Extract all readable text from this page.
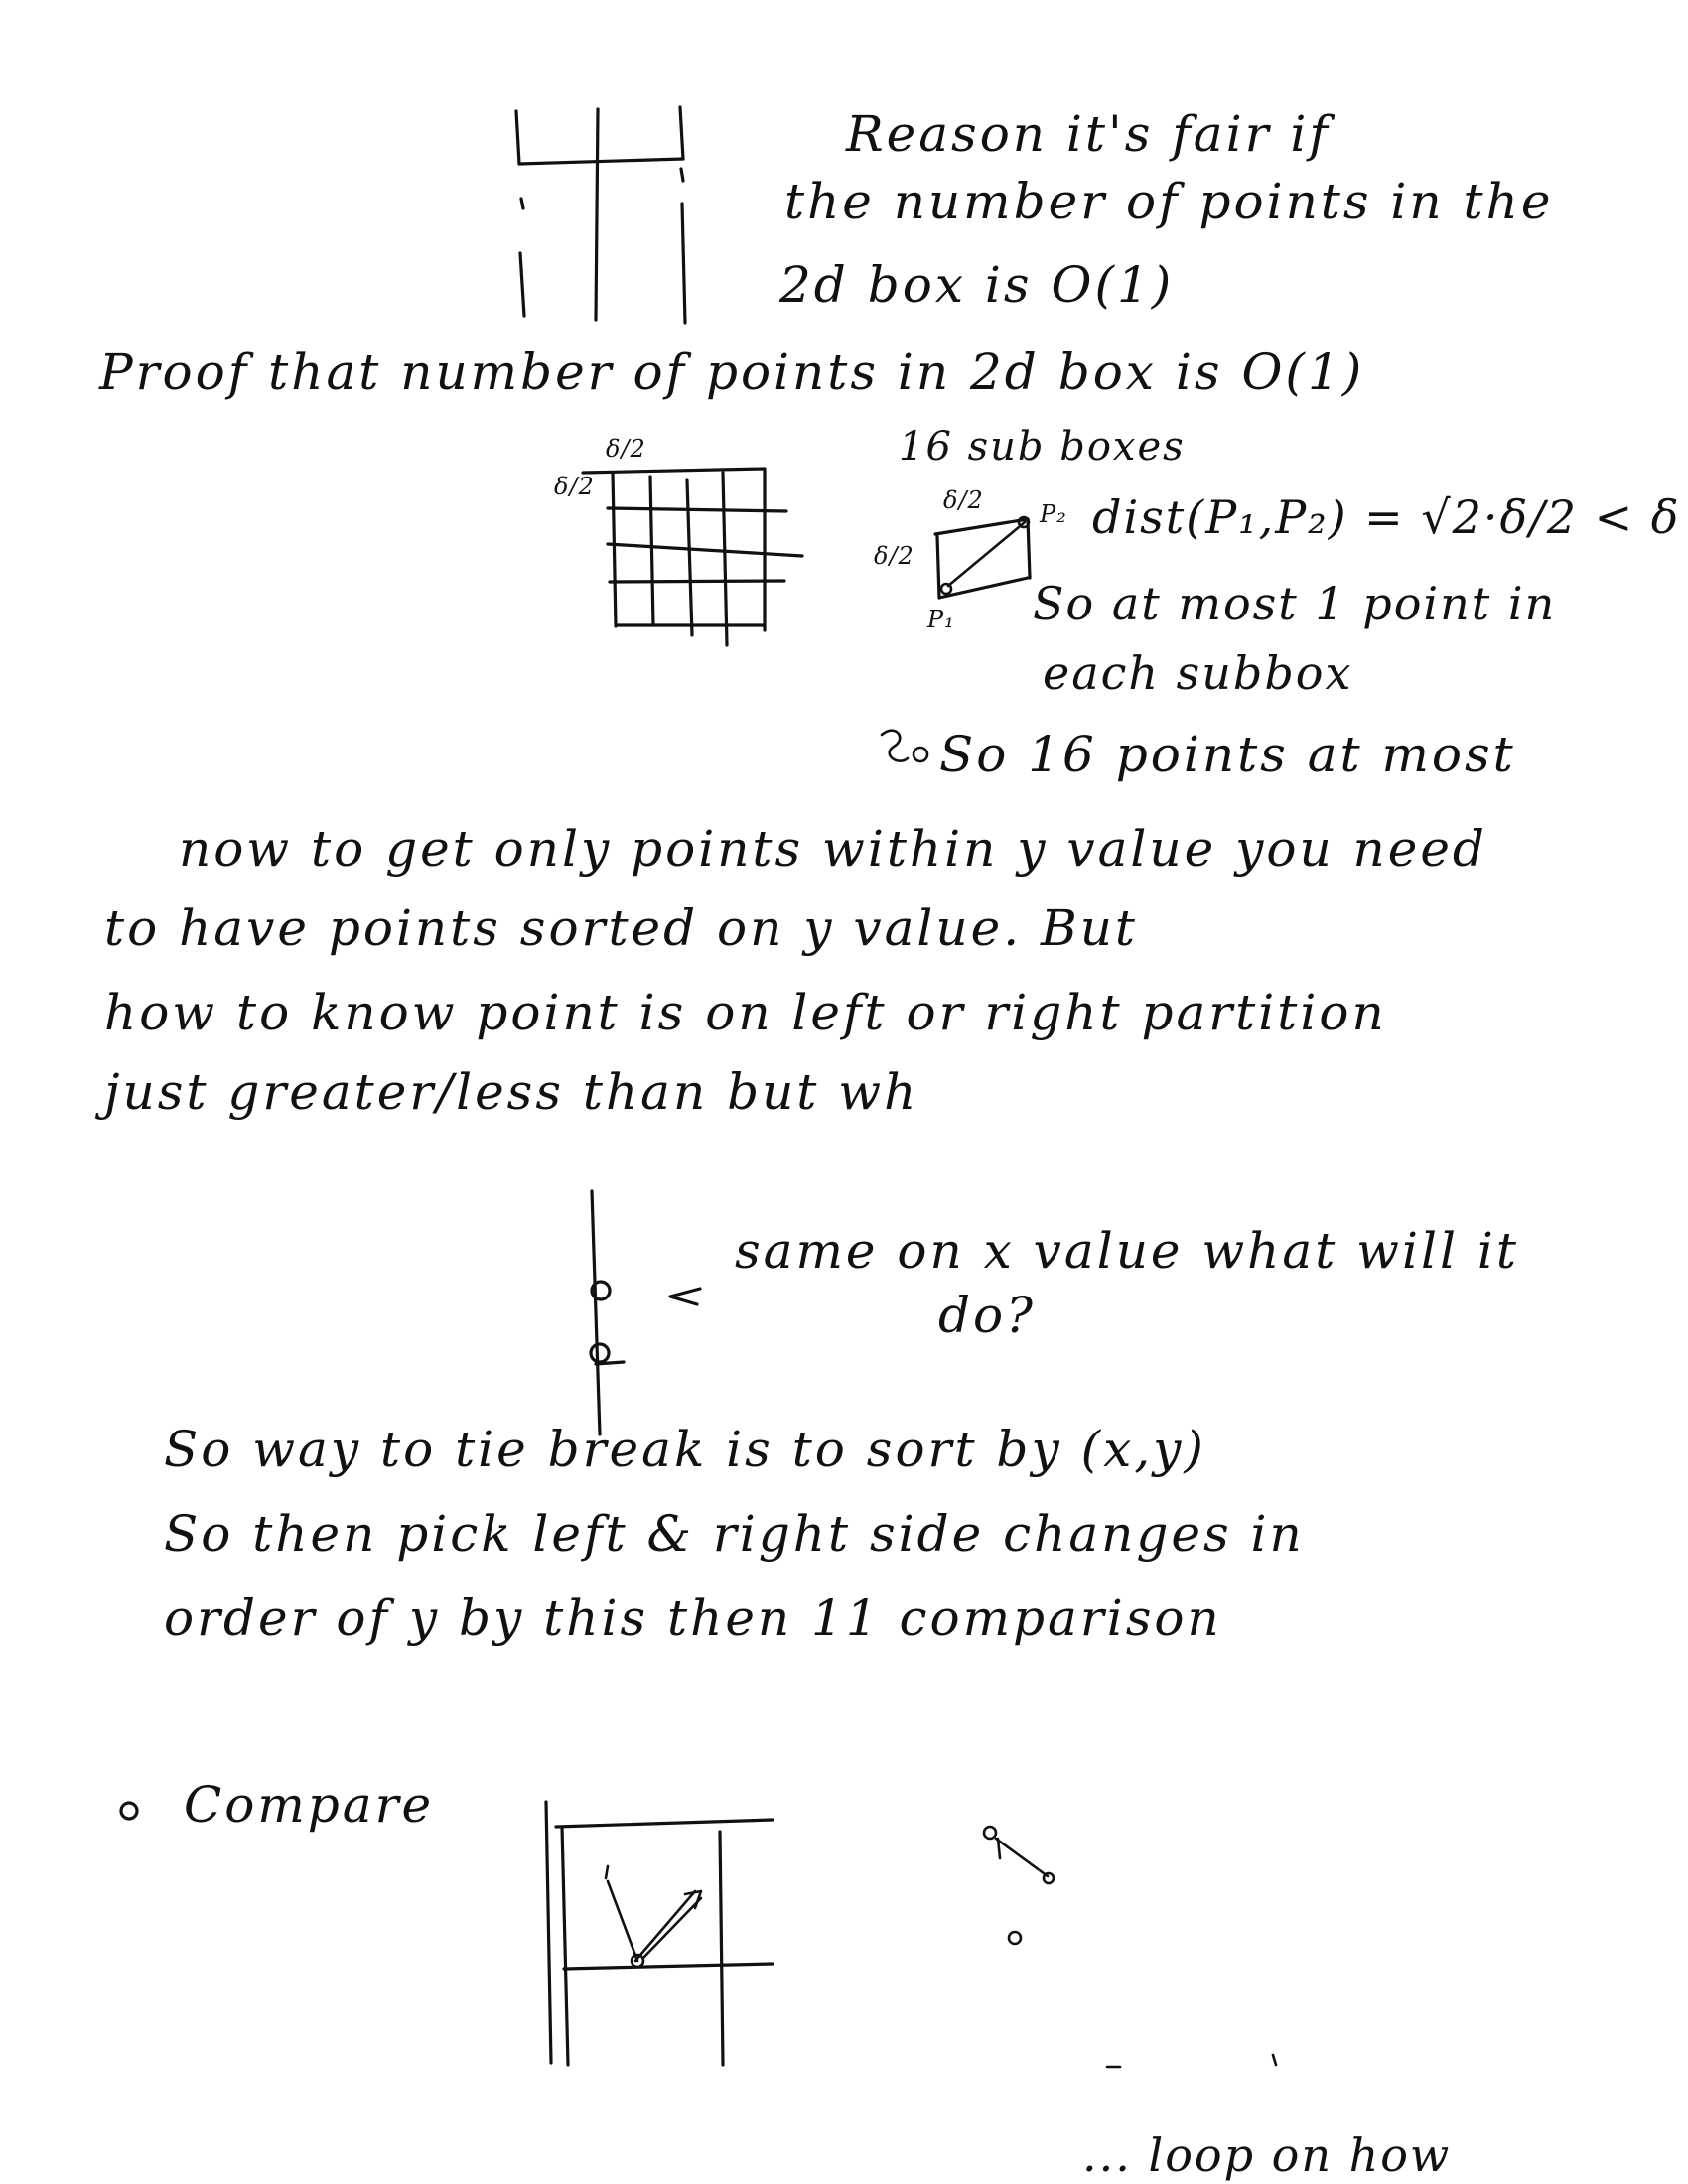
Reason it's fair if
the number of points in the
2d box is O(1)
Proof that number of points in 2d box is O(1)
δ/2
δ/2
16 sub boxes
δ/2
δ/2
P₂
P₁
dist(P₁,P₂) = √2·δ/2 < δ
So at most 1 point in
each subbox
So 16 points at most
now to get only points within y value you need
to have points sorted on y value. But
how to know point is on left or right partition
just greater/less than but wh
same on x value what will it
do?
So way to tie break is to sort by (x,y)
So then pick left & right side changes in
order of y by this then 11 comparison
Compare
... loop on how
